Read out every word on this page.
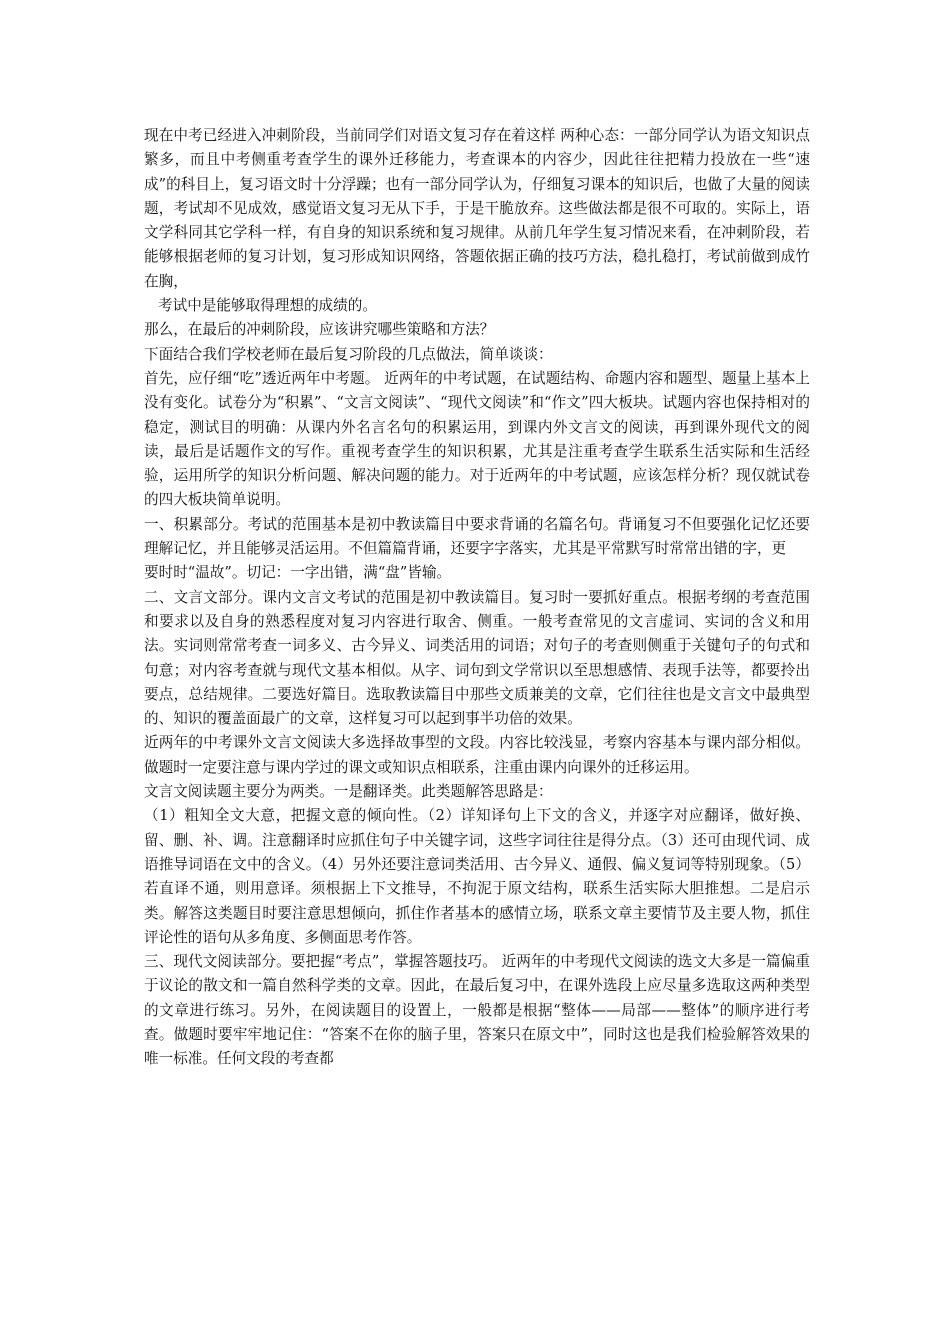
现在中考已经进入冲刺阶段，当前同学们对语文复习存在着这样 两种心态：一部分同学认为语文知识点繁多，而且中考侧重考查学生的课外迁移能力，考查课本的内容少，因此往往把精力投放在一些“速成”的科目上，复习语文时十分浮躁；也有一部分同学认为，仔细复习课本的知识后，也做了大量的阅读题，考试却不见成效，感觉语文复习无从下手，于是干脆放弃。这些做法都是很不可取的。实际上，语文学科同其它学科一样，有自身的知识系统和复习规律。从前几年学生复习情况来看，在冲刺阶段，若能够根据老师的复习计划，复习形成知识网络，答题依据正确的技巧方法，稳扎稳打，考试前做到成竹在胸，

考试中是能够取得理想的成绩的。

那么，在最后的冲刺阶段，应该讲究哪些策略和方法？

下面结合我们学校老师在最后复习阶段的几点做法，简单谈谈：

首先，应仔细“吃”透近两年中考题。 近两年的中考试题，在试题结构、命题内容和题型、题量上基本上没有变化。试卷分为“积累”、“文言文阅读”、“现代文阅读”和“作文”四大板块。试题内容也保持相对的稳定，测试目的明确：从课内外名言名句的积累运用，到课内外文言文的阅读，再到课外现代文的阅读，最后是话题作文的写作。重视考查学生的知识积累，尤其是注重考查学生联系生活实际和生活经验，运用所学的知识分析问题、解决问题的能力。对于近两年的中考试题，应该怎样分析？现仅就试卷的四大板块简单说明。

一、积累部分。考试的范围基本是初中教读篇目中要求背诵的名篇名句。背诵复习不但要强化记忆还要理解记忆，并且能够灵活运用。不但篇篇背诵，还要字字落实，尤其是平常默写时常常出错的字，更

要时时“温故”。切记：一字出错，满“盘”皆输。

二、文言文部分。课内文言文考试的范围是初中教读篇目。复习时一要抓好重点。根据考纲的考查范围和要求以及自身的熟悉程度对复习内容进行取舍、侧重。一般考查常见的文言虚词、实词的含义和用法。实词则常常考查一词多义、古今异义、词类活用的词语；对句子的考查则侧重于关键句子的句式和句意；对内容考查就与现代文基本相似。从字、词句到文学常识以至思想感情、表现手法等，都要拎出要点，总结规律。二要选好篇目。选取教读篇目中那些文质兼美的文章，它们往往也是文言文中最典型的、知识的覆盖面最广的文章，这样复习可以起到事半功倍的效果。

近两年的中考课外文言文阅读大多选择故事型的文段。内容比较浅显，考察内容基本与课内部分相似。做题时一定要注意与课内学过的课文或知识点相联系，注重由课内向课外的迁移运用。

文言文阅读题主要分为两类。一是翻译类。此类题解答思路是：

（1）粗知全文大意，把握文意的倾向性。（2）详知译句上下文的含义，并逐字对应翻译，做好换、留、删、补、调。注意翻译时应抓住句子中关键字词，这些字词往往是得分点。（3）还可由现代词、成语推导词语在文中的含义。（4）另外还要注意词类活用、古今异义、通假、偏义复词等特别现象。（5）若直译不通，则用意译。须根据上下文推导，不拘泥于原文结构，联系生活实际大胆推想。二是启示类。解答这类题目时要注意思想倾向，抓住作者基本的感情立场，联系文章主要情节及主要人物，抓住评论性的语句从多角度、多侧面思考作答。

三、现代文阅读部分。要把握“考点”，掌握答题技巧。 近两年的中考现代文阅读的选文大多是一篇偏重于议论的散文和一篇自然科学类的文章。因此，在最后复习中，在课外选段上应尽量多选取这两种类型的文章进行练习。另外，在阅读题目的设置上，一般都是根据“整体——局部——整体”的顺序进行考查。做题时要牢牢地记住：“答案不在你的脑子里，答案只在原文中”，同时这也是我们检验解答效果的唯一标准。任何文段的考查都
